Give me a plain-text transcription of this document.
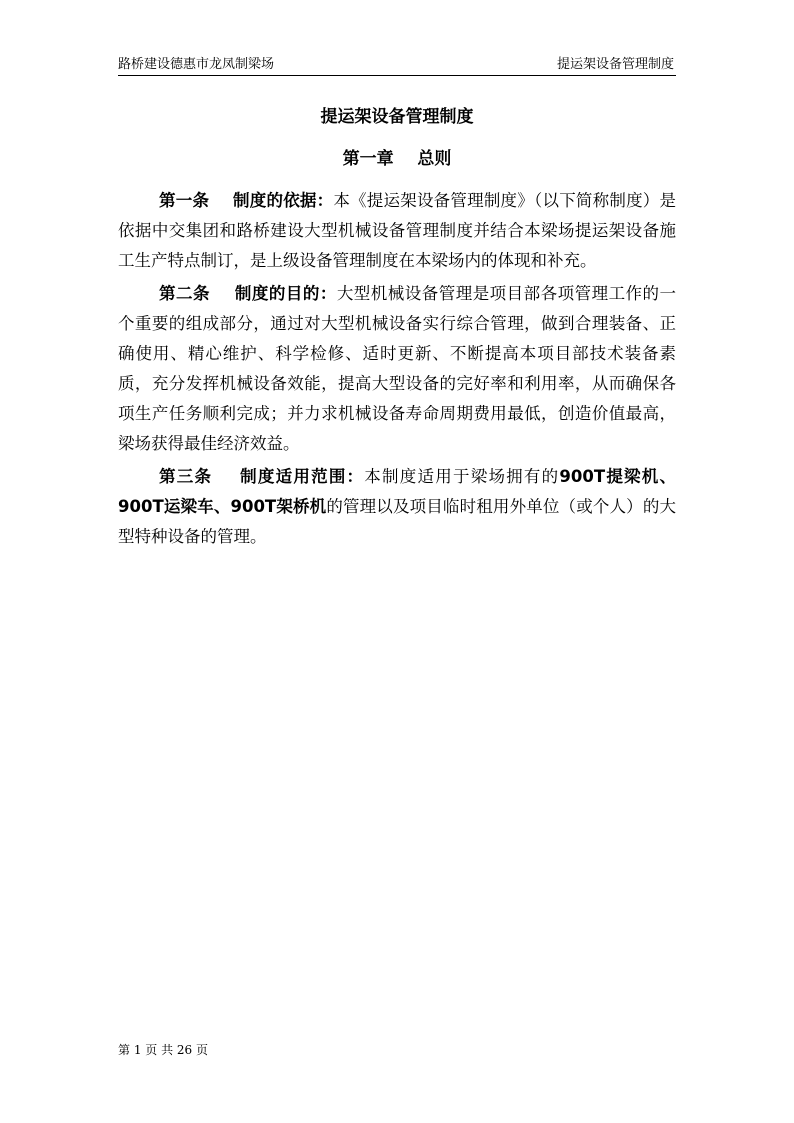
路桥建设德惠市龙凤制梁场	提运架设备管理制度
提运架设备管理制度
第一章    总则

第一条 制度的依据：本《提运架设备管理制度》（以下简称制度）是依据中交集团和路桥建设大型机械设备管理制度并结合本梁场提运架设备施工生产特点制订，是上级设备管理制度在本梁场内的体现和补充。

第二条 制度的目的：大型机械设备管理是项目部各项管理工作的一个重要的组成部分，通过对大型机械设备实行综合管理，做到合理装备、正确使用、精心维护、科学检修、适时更新、不断提高本项目部技术装备素质，充分发挥机械设备效能，提高大型设备的完好率和利用率，从而确保各项生产任务顺利完成；并力求机械设备寿命周期费用最低，创造价值最高，梁场获得最佳经济效益。

第三条 制度适用范围：本制度适用于梁场拥有的900T提梁机、900T运梁车、900T架桥机的管理以及项目临时租用外单位（或个人）的大型特种设备的管理。

第 1 页 共 26 页
